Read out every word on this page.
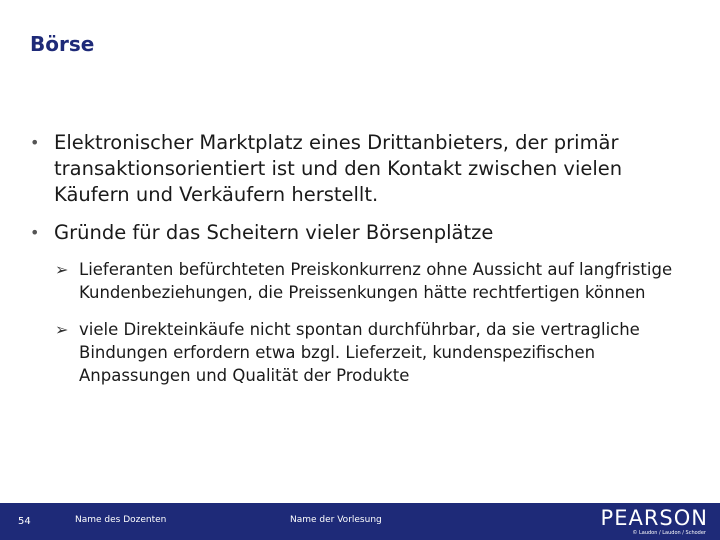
Börse
• Elektronischer Marktplatz eines Drittanbieters, der primär transaktionsorientiert ist und den Kontakt zwischen vielen Käufern und Verkäufern herstellt.
• Gründe für das Scheitern vieler Börsenplätze
➢ Lieferanten befürchteten Preiskonkurrenz ohne Aussicht auf langfristige Kundenbeziehungen, die Preissenkungen hätte rechtfertigen können
➢ viele Direkteinkäufe nicht spontan durchführbar, da sie vertragliche Bindungen erfordern etwa bzgl. Lieferzeit, kundenspezifischen Anpassungen und Qualität der Produkte
54	Name des Dozenten	Name der Vorlesung	PEARSON
© Laudon / Laudon / Schoder
